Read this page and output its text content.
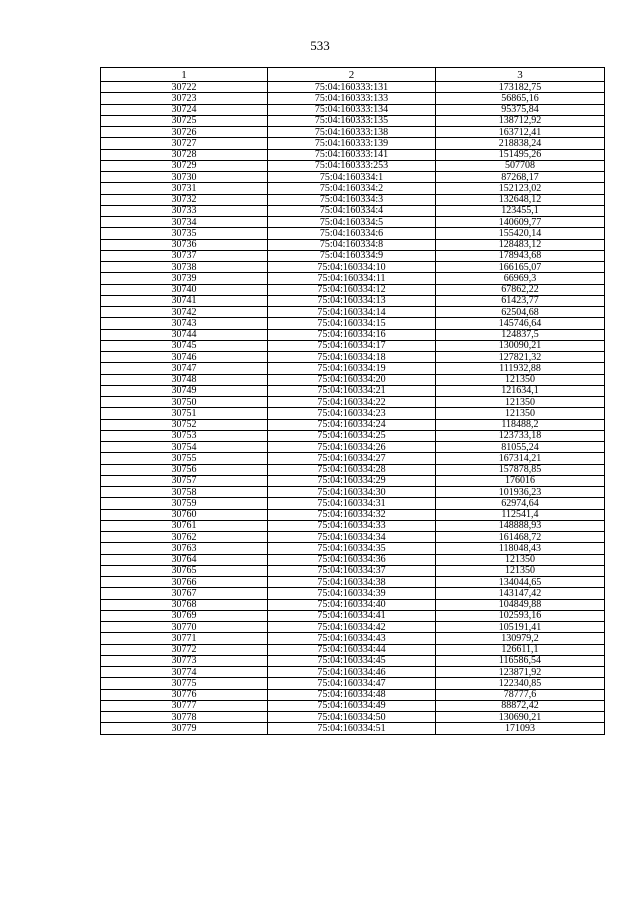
533
1	2	3
30722	75:04:160333:131	173182,75
30723	75:04:160333:133	56865,16
30724	75:04:160333:134	95375,84
30725	75:04:160333:135	138712,92
30726	75:04:160333:138	163712,41
30727	75:04:160333:139	218838,24
30728	75:04:160333:141	151495,26
30729	75:04:160333:253	507708
30730	75:04:160334:1	87268,17
30731	75:04:160334:2	152123,02
30732	75:04:160334:3	132648,12
30733	75:04:160334:4	123455,1
30734	75:04:160334:5	140609,77
30735	75:04:160334:6	155420,14
30736	75:04:160334:8	128483,12
30737	75:04:160334:9	178943,68
30738	75:04:160334:10	166165,07
30739	75:04:160334:11	66969,3
30740	75:04:160334:12	67862,22
30741	75:04:160334:13	61423,77
30742	75:04:160334:14	62504,68
30743	75:04:160334:15	145746,64
30744	75:04:160334:16	124837,5
30745	75:04:160334:17	130090,21
30746	75:04:160334:18	127821,32
30747	75:04:160334:19	111932,88
30748	75:04:160334:20	121350
30749	75:04:160334:21	121634,1
30750	75:04:160334:22	121350
30751	75:04:160334:23	121350
30752	75:04:160334:24	118488,2
30753	75:04:160334:25	123733,18
30754	75:04:160334:26	81055,24
30755	75:04:160334:27	167314,21
30756	75:04:160334:28	157878,85
30757	75:04:160334:29	176016
30758	75:04:160334:30	101936,23
30759	75:04:160334:31	62974,64
30760	75:04:160334:32	112541,4
30761	75:04:160334:33	148888,93
30762	75:04:160334:34	161468,72
30763	75:04:160334:35	118048,43
30764	75:04:160334:36	121350
30765	75:04:160334:37	121350
30766	75:04:160334:38	134044,65
30767	75:04:160334:39	143147,42
30768	75:04:160334:40	104849,88
30769	75:04:160334:41	102593,16
30770	75:04:160334:42	105191,41
30771	75:04:160334:43	130979,2
30772	75:04:160334:44	126611,1
30773	75:04:160334:45	116586,54
30774	75:04:160334:46	123871,92
30775	75:04:160334:47	122340,85
30776	75:04:160334:48	78777,6
30777	75:04:160334:49	88872,42
30778	75:04:160334:50	130690,21
30779	75:04:160334:51	171093
